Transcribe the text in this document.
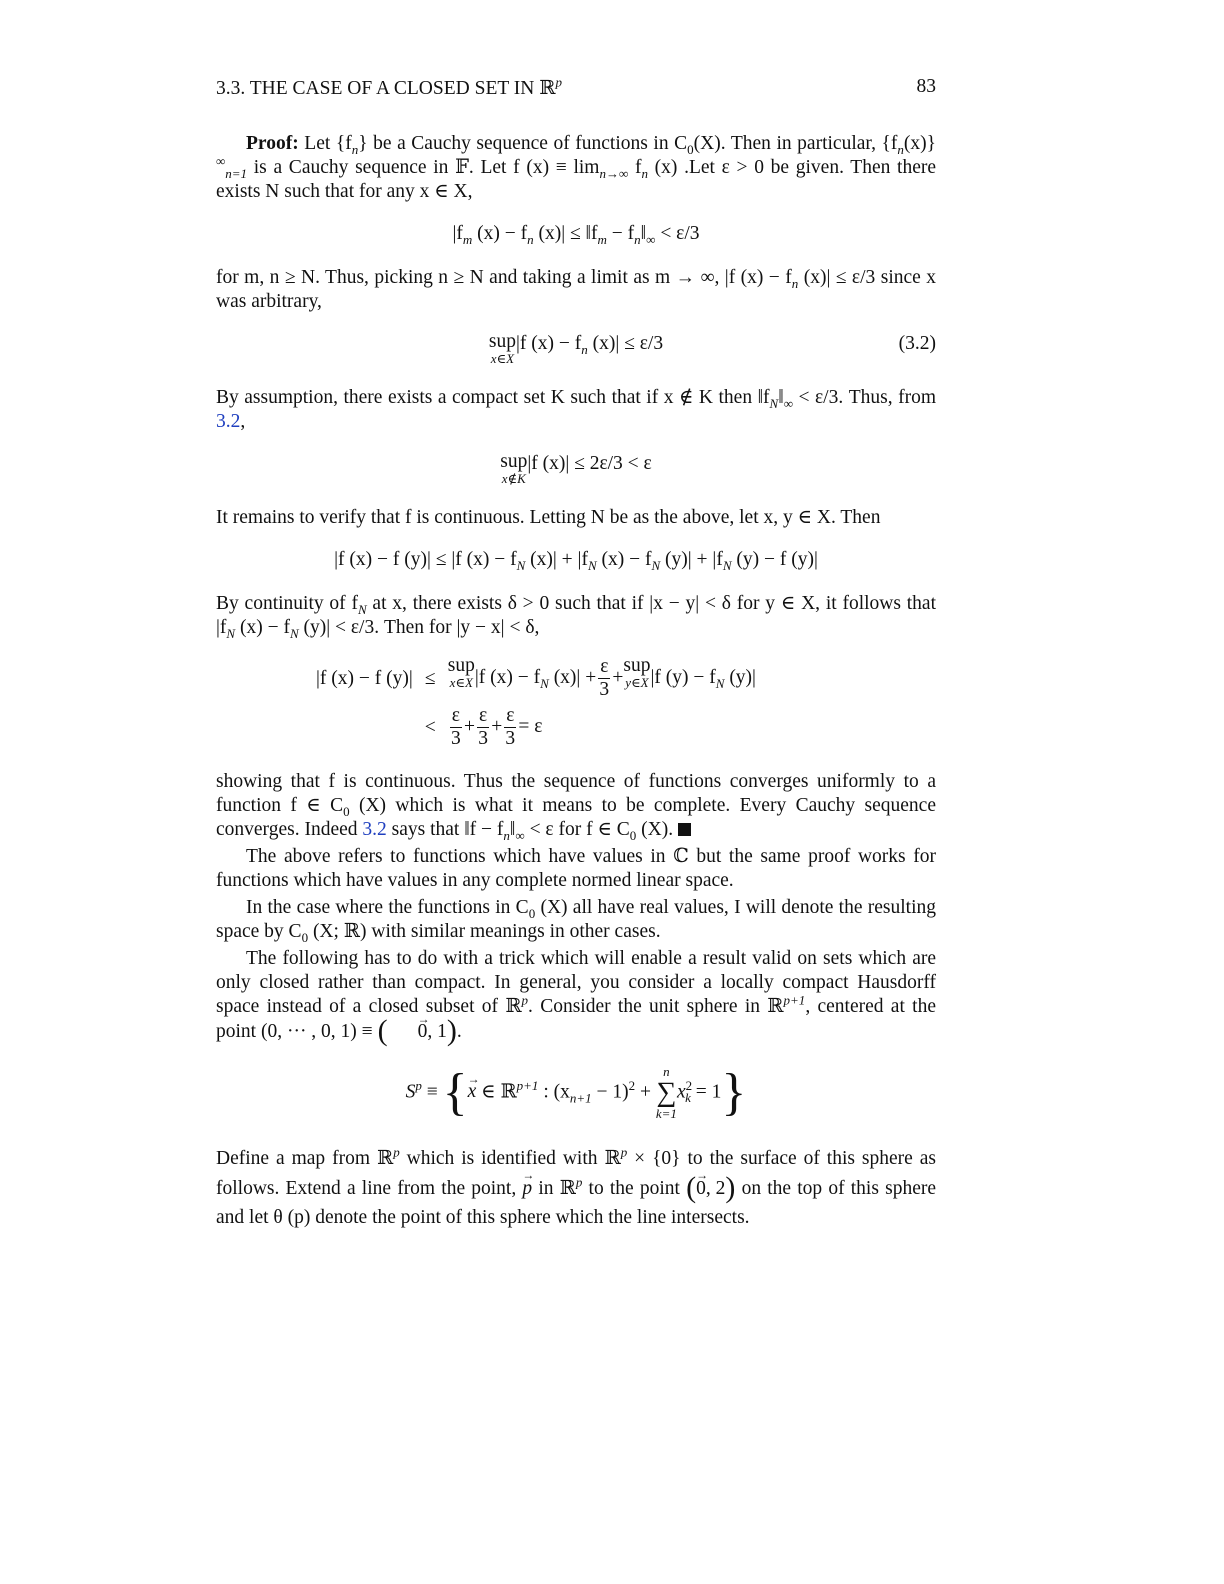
3.3. THE CASE OF A CLOSED SET IN ℝ$^p$	83

Proof: Let $\{f_n\}$ be a Cauchy sequence of functions in $C_0(X)$. Then in particular, $\{f_n(x)\}^\infty_{n=1}$ is a Cauchy sequence in 𝔽. Let f $(x) \equiv \lim_{n\to\infty} f_n$ (x) .Let ε > 0 be given. Then there exists N such that for any x ∈ X,

$|f_m$ $(x) - f_n$ $(x)| \le ‖f_m$ − $f_n‖_\infty < \varepsilon/3$

for m, n ≥ N. Thus, picking n ≥ N and taking a limit as m → ∞, |f $(x) - f_n$ (x)| ≤ ε/3 since x was arbitrary,

sup
x∈X
|f $(x) - f_n$ (x)| ≤ ε/3	(3.2)

By assumption, there exists a compact set K such that if x ∉ K then $‖f_N‖_\infty < \varepsilon/3$. Thus, from 3.2,

sup
x∉K
|f (x)| ≤ 2ε/3 < ε

It remains to verify that f is continuous. Letting N be as the above, let x, y ∈ X. Then

|f (x) − f (y)| ≤ |f $(x) - f_N$ $(x)| + |f_N$ $(x) - f_N$ $(y)| + |f_N$ (y) − f (y)|

By continuity of $f_N$ at x, there exists δ > 0 such that if |x − y| < δ for y ∈ X, it follows that $|f_N$ $(x) - f_N$ (y)| < ε/3. Then for |y − x| < δ,

|f (x) − f (y)|	≤	sup
x∈X |f $(x) - f_N$ $(x)| + \frac{\varepsilon}{3} +sup$
y∈X |f $(y) - f_N$ (y)|
	<	$\frac{\varepsilon}{3} + \frac{\varepsilon}{3} + \frac{\varepsilon}{3} = \varepsilon$

showing that f is continuous. Thus the sequence of functions converges uniformly to a function f ∈ $C_0$ (X) which is what it means to be complete. Every Cauchy sequence converges. Indeed 3.2 says that ‖f − $f_n‖_\infty < \varepsilon$ for f ∈ $C_0$ (X).

The above refers to functions which have values in ℂ but the same proof works for functions which have values in any complete normed linear space.

In the case where the functions in $C_0$ (X) all have real values, I will denote the resulting space by $C_0$ (X; ℝ) with similar meanings in other cases.

The following has to do with a trick which will enable a result valid on sets which are only closed rather than compact. In general, you consider a locally compact Hausdorff space instead of a closed subset of ℝ$^p$. Consider the unit sphere in ℝ$^{p+1}$, centered at the point (0, ··· , 0, 1) ≡ (→ 0, 1).

$S^p$ ≡ {→ x ∈ ℝ$^{p+1}$ : $(x_{n+1} - 1)^2$ +
n
∑
k=1
$x^2_k = 1$}

Define a map from ℝ$^p$ which is identified with ℝ$^p$ × {0} to the surface of this sphere as follows. Extend a line from the point, → p in ℝ$^p$ to the point (→ 0, 2) on the top of this sphere and let θ (p) denote the point of this sphere which the line intersects.
